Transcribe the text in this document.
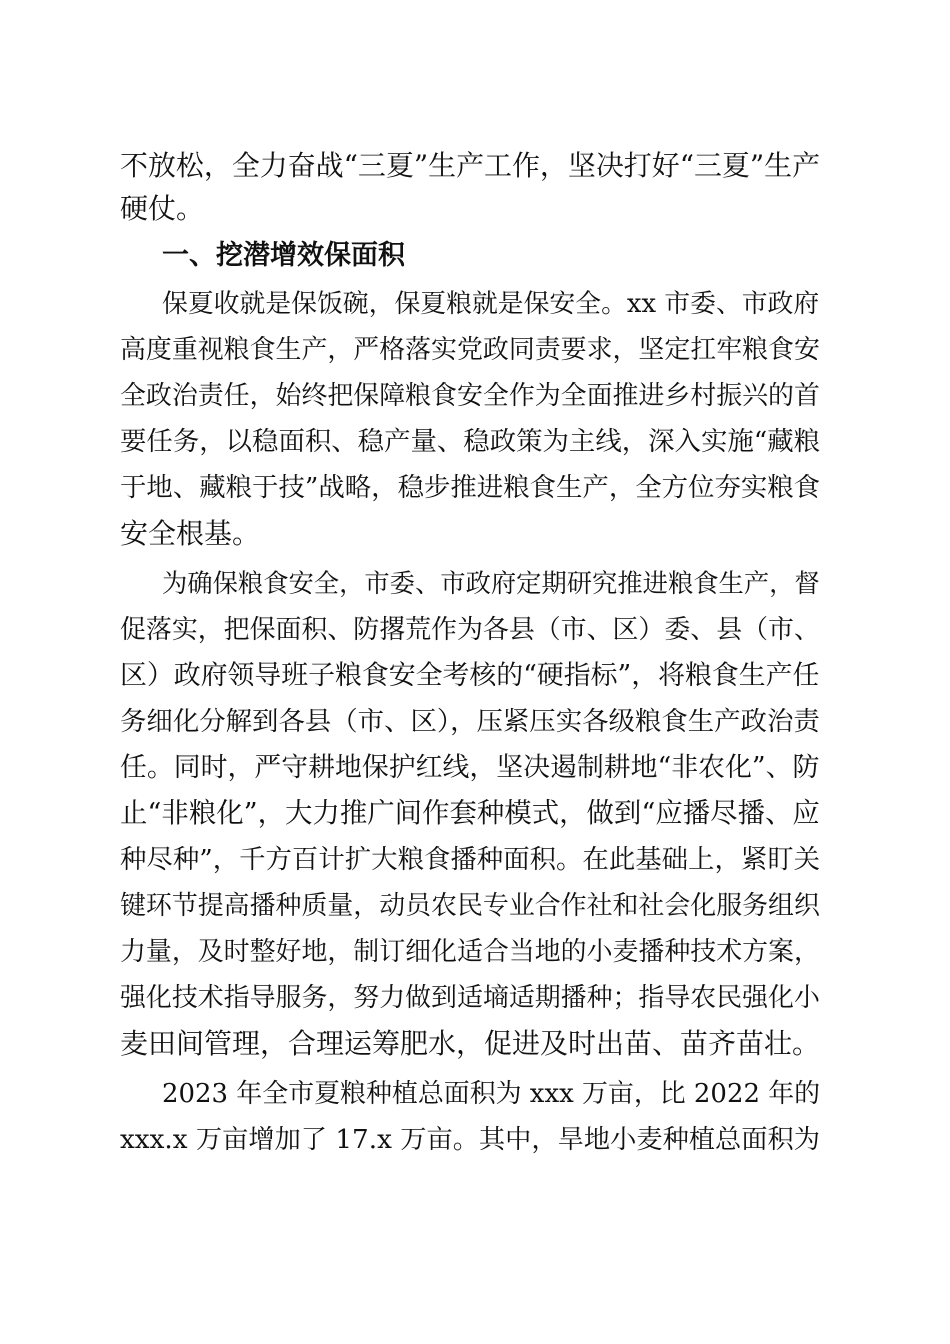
不放松，全力奋战“三夏”生产工作，坚决打好“三夏”生产
硬仗。
一、挖潜增效保面积
保夏收就是保饭碗，保夏粮就是保安全。xx 市委、市政府
高度重视粮食生产，严格落实党政同责要求，坚定扛牢粮食安
全政治责任，始终把保障粮食安全作为全面推进乡村振兴的首
要任务，以稳面积、稳产量、稳政策为主线，深入实施“藏粮
于地、藏粮于技”战略，稳步推进粮食生产，全方位夯实粮食
安全根基。
为确保粮食安全，市委、市政府定期研究推进粮食生产，督
促落实，把保面积、防撂荒作为各县（市、区）委、县（市、
区）政府领导班子粮食安全考核的“硬指标”，将粮食生产任
务细化分解到各县（市、区），压紧压实各级粮食生产政治责
任。同时，严守耕地保护红线，坚决遏制耕地“非农化”、防
止“非粮化”，大力推广间作套种模式，做到“应播尽播、应
种尽种”，千方百计扩大粮食播种面积。在此基础上，紧盯关
键环节提高播种质量，动员农民专业合作社和社会化服务组织
力量，及时整好地，制订细化适合当地的小麦播种技术方案，
强化技术指导服务，努力做到适墒适期播种；指导农民强化小
麦田间管理，合理运筹肥水，促进及时出苗、苗齐苗壮。
2023 年全市夏粮种植总面积为 xxx 万亩，比 2022 年的
xxx.x 万亩增加了 17.x 万亩。其中，旱地小麦种植总面积为
